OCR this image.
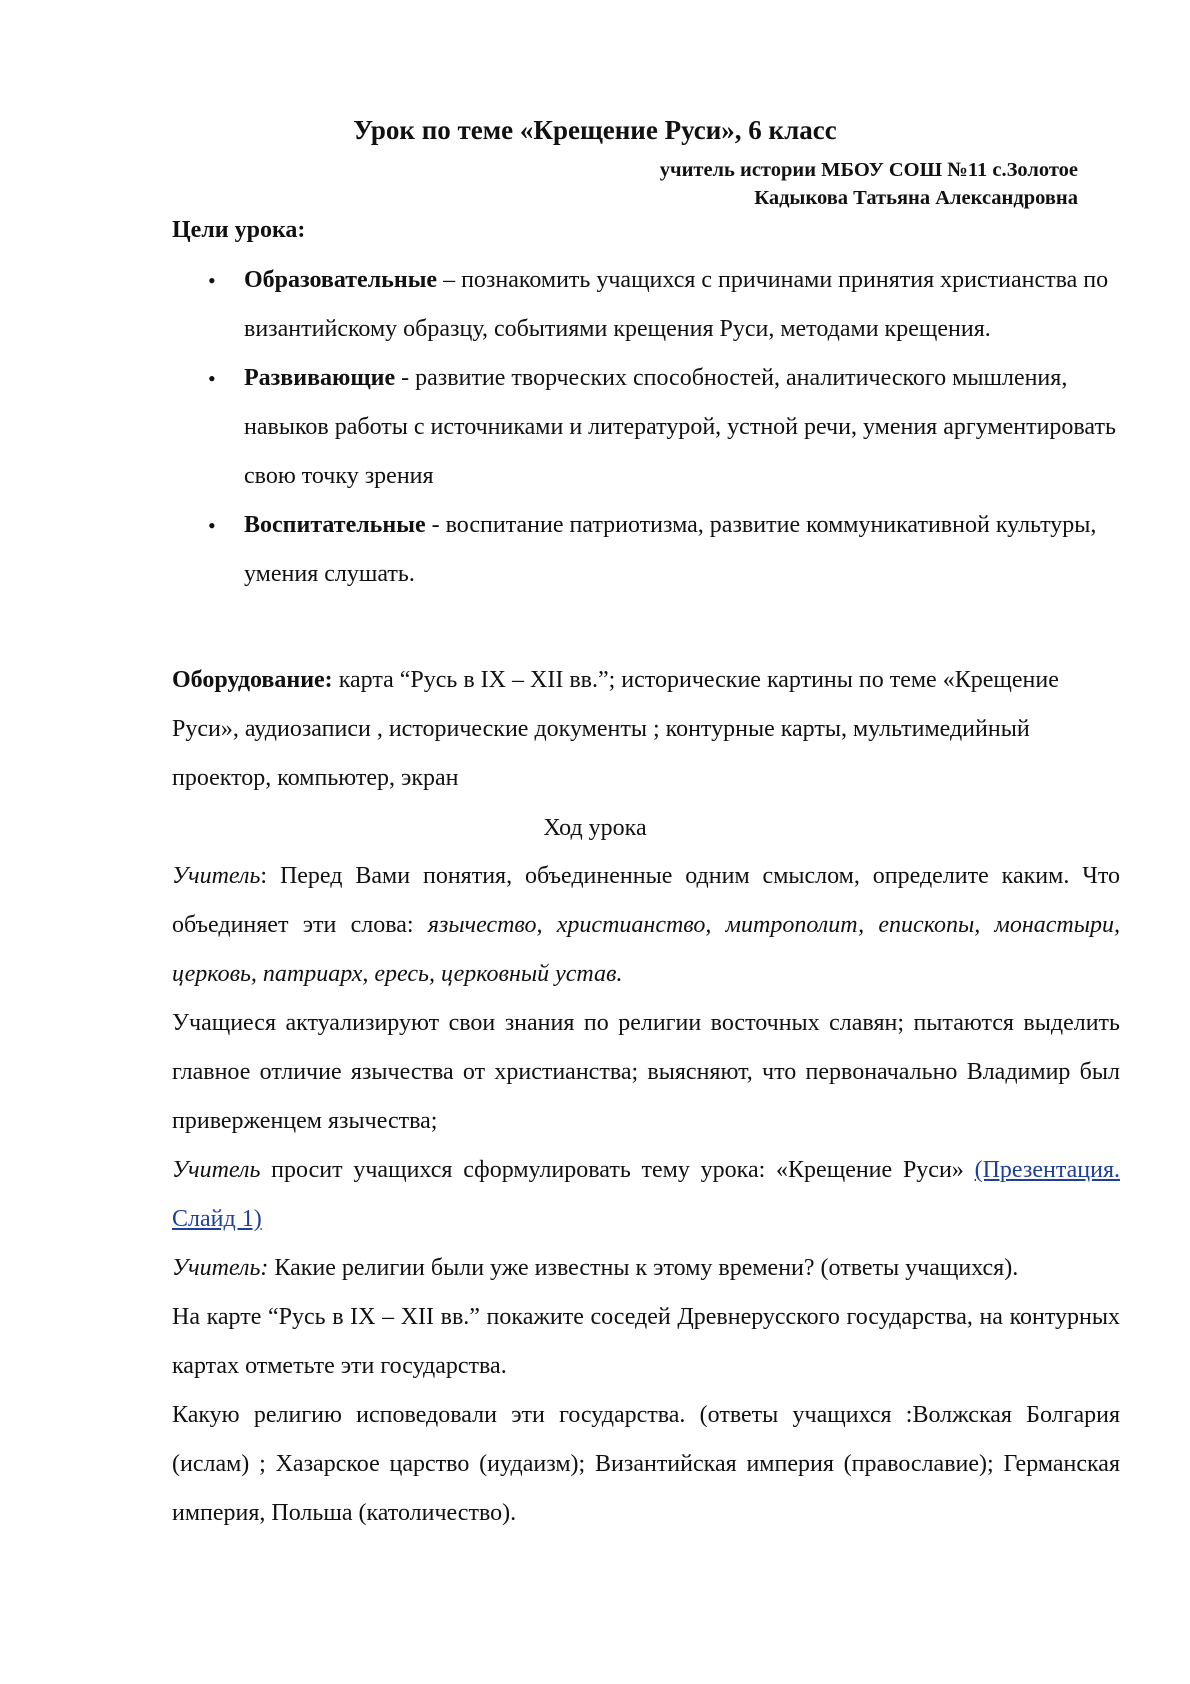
Урок по теме «Крещение Руси», 6 класс

учитель истории МБОУ СОШ №11 с.Золотое

Кадыкова Татьяна Александровна

Цели урока:

• Образовательные – познакомить учащихся с причинами принятия христианства по византийскому образцу, событиями крещения Руси, методами крещения.
• Развивающие - развитие творческих способностей, аналитического мышления, навыков работы с источниками и литературой, устной речи, умения аргументировать свою точку зрения
• Воспитательные - воспитание патриотизма, развитие коммуникативной культуры, умения слушать.

Оборудование: карта “Русь в IX – XII вв.”; исторические картины по теме «Крещение Руси», аудиозаписи , исторические документы ; контурные карты, мультимедийный проектор, компьютер, экран

Ход урока

Учитель: Перед Вами понятия, объединенные одним смыслом, определите каким. Что объединяет эти слова: язычество, христианство, митрополит, епископы, монастыри, церковь, патриарх, ересь, церковный устав.

Учащиеся актуализируют свои знания по религии восточных славян; пытаются выделить главное отличие язычества от христианства; выясняют, что первоначально Владимир был приверженцем язычества;

Учитель просит учащихся сформулировать тему урока: «Крещение Руси» (Презентация. Слайд 1)

Учитель: Какие религии были уже известны к этому времени? (ответы учащихся).

На карте “Русь в IX – XII вв.” покажите соседей Древнерусского государства, на контурных картах отметьте эти государства.

Какую религию исповедовали эти государства. (ответы учащихся :Волжская Болгария (ислам) ; Хазарское царство (иудаизм); Византийская империя (православие); Германская империя, Польша (католичество).
